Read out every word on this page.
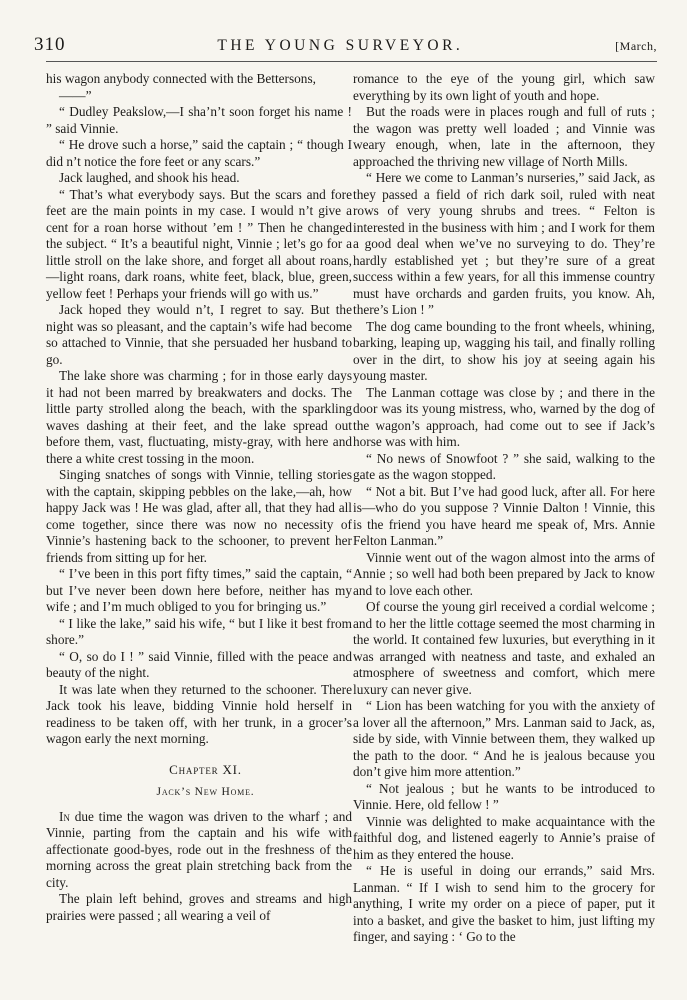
310	THE YOUNG SURVEYOR.	[March,

his wagon anybody connected with the Bettersons,

——”

“ Dudley Peakslow,—I sha’n’t soon forget his name ! ” said Vinnie.

“ He drove such a horse,” said the captain ; “ though I did n’t notice the fore feet or any scars.”

Jack laughed, and shook his head.

“ That’s what everybody says. But the scars and fore feet are the main points in my case. I would n’t give a cent for a roan horse without ’em ! ” Then he changed the subject. “ It’s a beautiful night, Vinnie ; let’s go for a little stroll on the lake shore, and forget all about roans,—light roans, dark roans, white feet, black, blue, green, yellow feet ! Perhaps your friends will go with us.”

Jack hoped they would n’t, I regret to say. But the night was so pleasant, and the captain’s wife had become so attached to Vinnie, that she persuaded her husband to go.

The lake shore was charming ; for in those early days it had not been marred by breakwaters and docks. The little party strolled along the beach, with the sparkling waves dashing at their feet, and the lake spread out before them, vast, fluctuating, misty-gray, with here and there a white crest tossing in the moon.

Singing snatches of songs with Vinnie, telling stories with the captain, skipping pebbles on the lake,—ah, how happy Jack was ! He was glad, after all, that they had all come together, since there was now no necessity of Vinnie’s hastening back to the schooner, to prevent her friends from sitting up for her.

“ I’ve been in this port fifty times,” said the captain, “ but I’ve never been down here before, neither has my wife ; and I’m much obliged to you for bringing us.”

“ I like the lake,” said his wife, “ but I like it best from shore.”

“ O, so do I ! ” said Vinnie, filled with the peace and beauty of the night.

It was late when they returned to the schooner. There Jack took his leave, bidding Vinnie hold herself in readiness to be taken off, with her trunk, in a grocer’s wagon early the next morning.

Chapter XI.

Jack’s New Home.

In due time the wagon was driven to the wharf ; and Vinnie, parting from the captain and his wife with affectionate good-byes, rode out in the freshness of the morning across the great plain stretching back from the city.

The plain left behind, groves and streams and high prairies were passed ; all wearing a veil of

romance to the eye of the young girl, which saw everything by its own light of youth and hope.

But the roads were in places rough and full of ruts ; the wagon was pretty well loaded ; and Vinnie was weary enough, when, late in the afternoon, they approached the thriving new village of North Mills.

“ Here we come to Lanman’s nurseries,” said Jack, as they passed a field of rich dark soil, ruled with neat rows of very young shrubs and trees. “ Felton is interested in the business with him ; and I work for them a good deal when we’ve no surveying to do. They’re hardly established yet ; but they’re sure of a great success within a few years, for all this immense country must have orchards and garden fruits, you know. Ah, there’s Lion ! ”

The dog came bounding to the front wheels, whining, barking, leaping up, wagging his tail, and finally rolling over in the dirt, to show his joy at seeing again his young master.

The Lanman cottage was close by ; and there in the door was its young mistress, who, warned by the dog of the wagon’s approach, had come out to see if Jack’s horse was with him.

“ No news of Snowfoot ? ” she said, walking to the gate as the wagon stopped.

“ Not a bit. But I’ve had good luck, after all. For here is—who do you suppose ? Vinnie Dalton ! Vinnie, this is the friend you have heard me speak of, Mrs. Annie Felton Lanman.”

Vinnie went out of the wagon almost into the arms of Annie ; so well had both been prepared by Jack to know and to love each other.

Of course the young girl received a cordial welcome ; and to her the little cottage seemed the most charming in the world. It contained few luxuries, but everything in it was arranged with neatness and taste, and exhaled an atmosphere of sweetness and comfort, which mere luxury can never give.

“ Lion has been watching for you with the anxiety of a lover all the afternoon,” Mrs. Lanman said to Jack, as, side by side, with Vinnie between them, they walked up the path to the door. “ And he is jealous because you don’t give him more attention.”

“ Not jealous ; but he wants to be introduced to Vinnie. Here, old fellow ! ”

Vinnie was delighted to make acquaintance with the faithful dog, and listened eagerly to Annie’s praise of him as they entered the house.

“ He is useful in doing our errands,” said Mrs. Lanman. “ If I wish to send him to the grocery for anything, I write my order on a piece of paper, put it into a basket, and give the basket to him, just lifting my finger, and saying : ‘ Go to the
